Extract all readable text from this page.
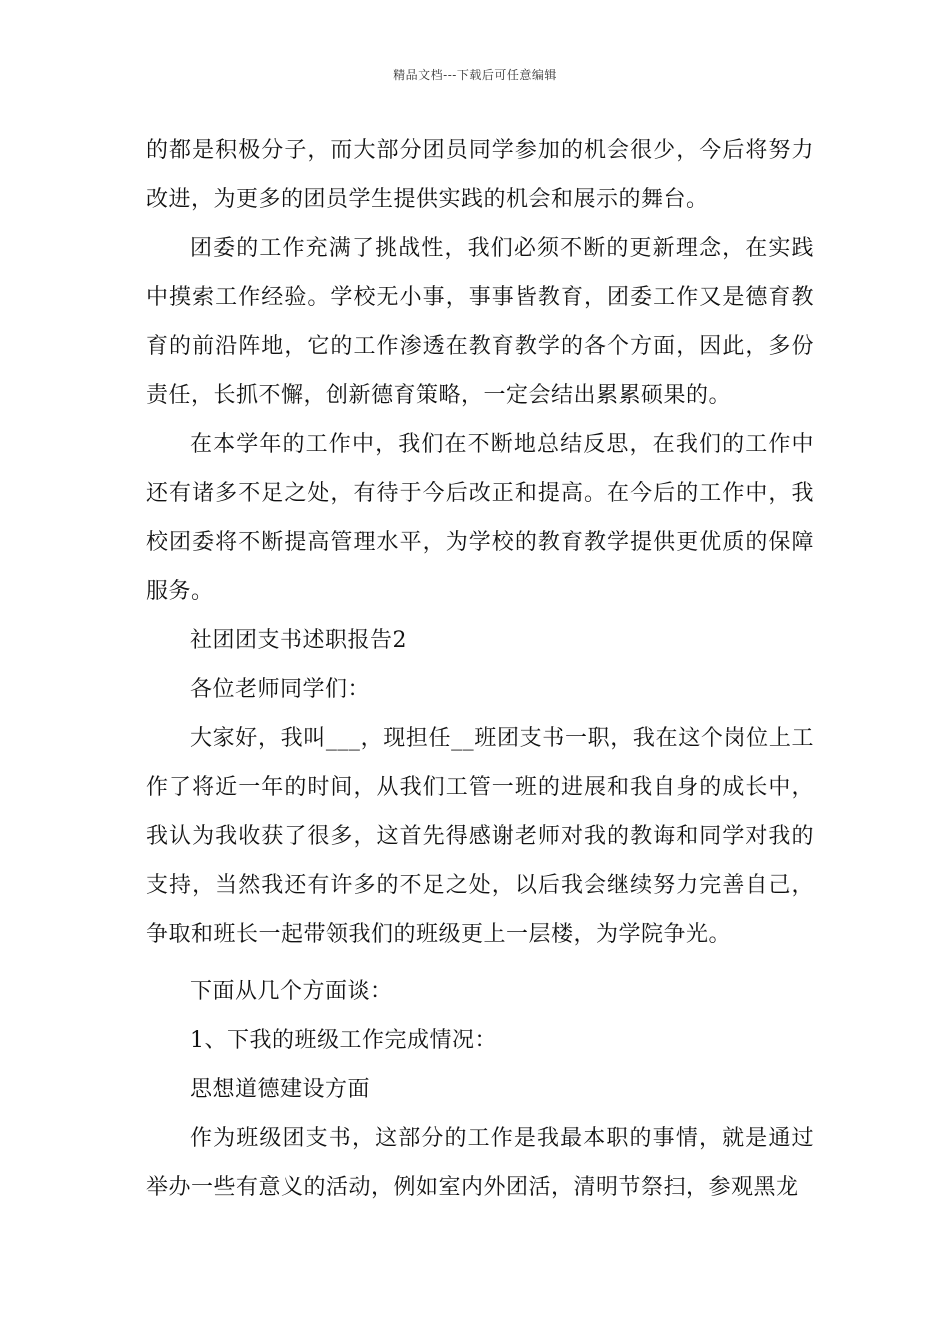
精品文档---下载后可任意编辑

的都是积极分子，而大部分团员同学参加的机会很少，今后将努力改进，为更多的团员学生提供实践的机会和展示的舞台。

团委的工作充满了挑战性，我们必须不断的更新理念，在实践中摸索工作经验。学校无小事，事事皆教育，团委工作又是德育教育的前沿阵地，它的工作渗透在教育教学的各个方面，因此，多份责任，长抓不懈，创新德育策略，一定会结出累累硕果的。

在本学年的工作中，我们在不断地总结反思，在我们的工作中还有诸多不足之处，有待于今后改正和提高。在今后的工作中，我校团委将不断提高管理水平，为学校的教育教学提供更优质的保障服务。

社团团支书述职报告2

各位老师同学们：

大家好，我叫___，现担任__班团支书一职，我在这个岗位上工作了将近一年的时间，从我们工管一班的进展和我自身的成长中，我认为我收获了很多，这首先得感谢老师对我的教诲和同学对我的支持，当然我还有许多的不足之处，以后我会继续努力完善自己，争取和班长一起带领我们的班级更上一层楼，为学院争光。

下面从几个方面谈：

1、下我的班级工作完成情况：

思想道德建设方面

作为班级团支书，这部分的工作是我最本职的事情，就是通过举办一些有意义的活动，例如室内外团活，清明节祭扫，参观黑龙
